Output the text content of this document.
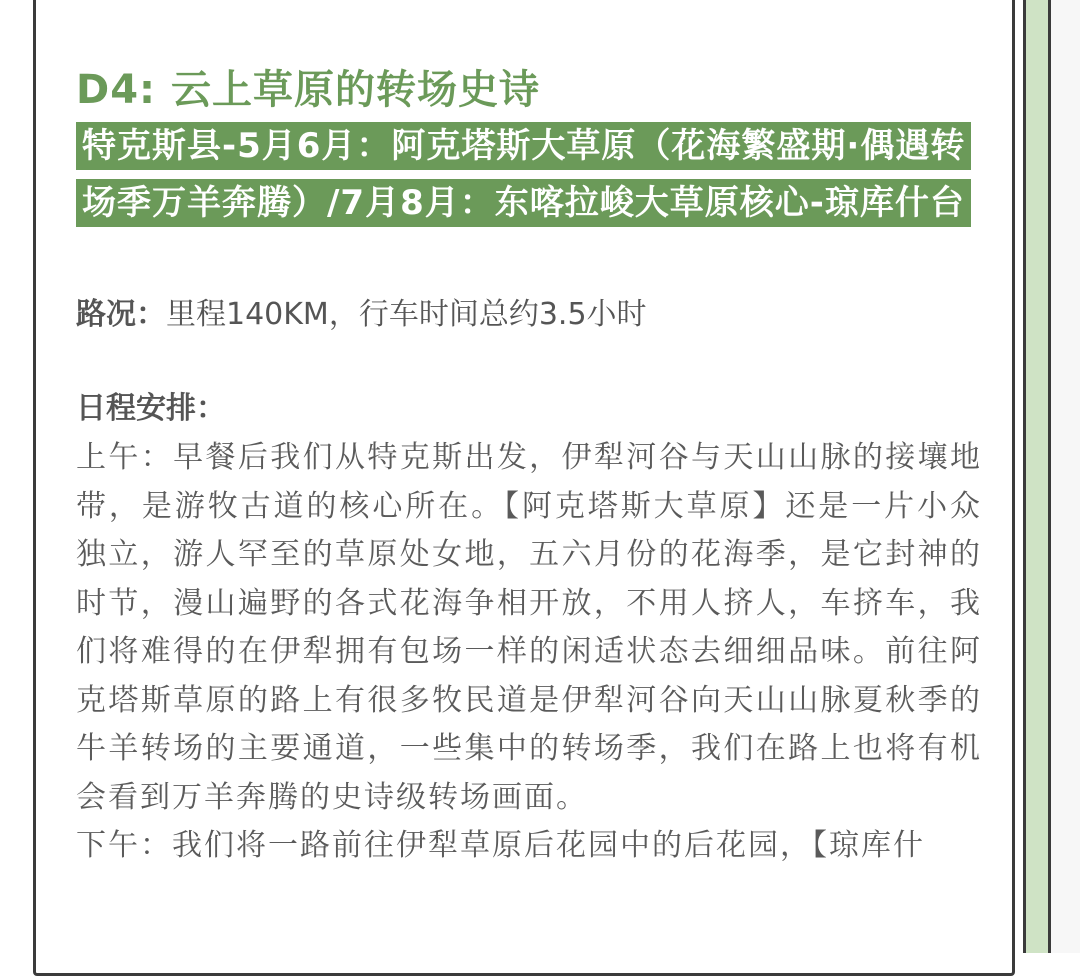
D4: 云上草原的转场史诗

特克斯县-5月6月：阿克塔斯大草原（花海繁盛期·偶遇转场季万羊奔腾）/7月8月：东喀拉峻大草原核心-琼库什台

路况：里程140KM，行车时间总约3.5小时

日程安排：

上午：早餐后我们从特克斯出发，伊犁河谷与天山山脉的接壤地带，是游牧古道的核心所在。【阿克塔斯大草原】还是一片小众独立，游人罕至的草原处女地，五六月份的花海季，是它封神的时节，漫山遍野的各式花海争相开放，不用人挤人，车挤车，我们将难得的在伊犁拥有包场一样的闲适状态去细细品味。前往阿克塔斯草原的路上有很多牧民道是伊犁河谷向天山山脉夏秋季的牛羊转场的主要通道，一些集中的转场季，我们在路上也将有机会看到万羊奔腾的史诗级转场画面。

下午：我们将一路前往伊犁草原后花园中的后花园，【琼库什
